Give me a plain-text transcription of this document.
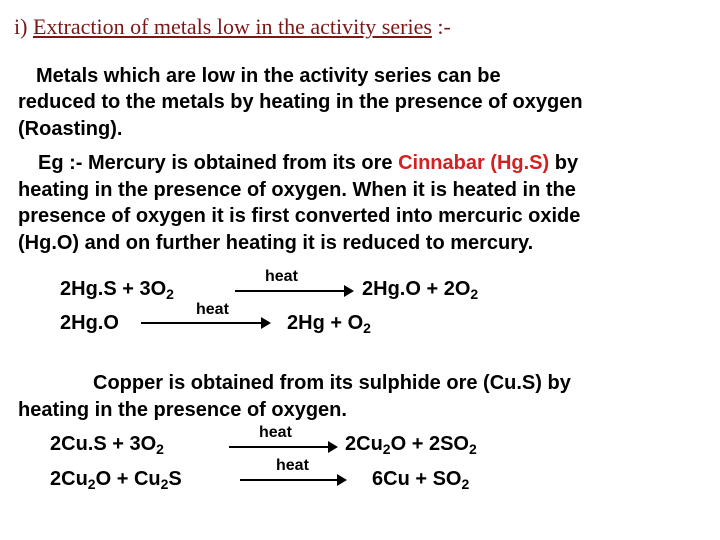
i) Extraction of metals low in the activity series :-
Metals which are low in the activity series can be
reduced to the metals by heating in the presence of oxygen
(Roasting).
Eg :- Mercury is obtained from its ore Cinnabar (Hg.S) by
heating in the presence of oxygen. When it is heated in the
presence of oxygen it is first converted into mercuric oxide
(Hg.O) and on further heating it is reduced to mercury.
$2Hg.S + 3O_2$
heat
$2Hg.O + 2O_2$
2Hg.O
heat
$2Hg + O_2$
Copper is obtained from its sulphide ore (Cu.S) by
heating in the presence of oxygen.
$2Cu.S + 3O_2$
heat
$2Cu_2O + 2SO_2$
$2Cu_2O + Cu_2S$
heat
$6Cu + SO_2$
